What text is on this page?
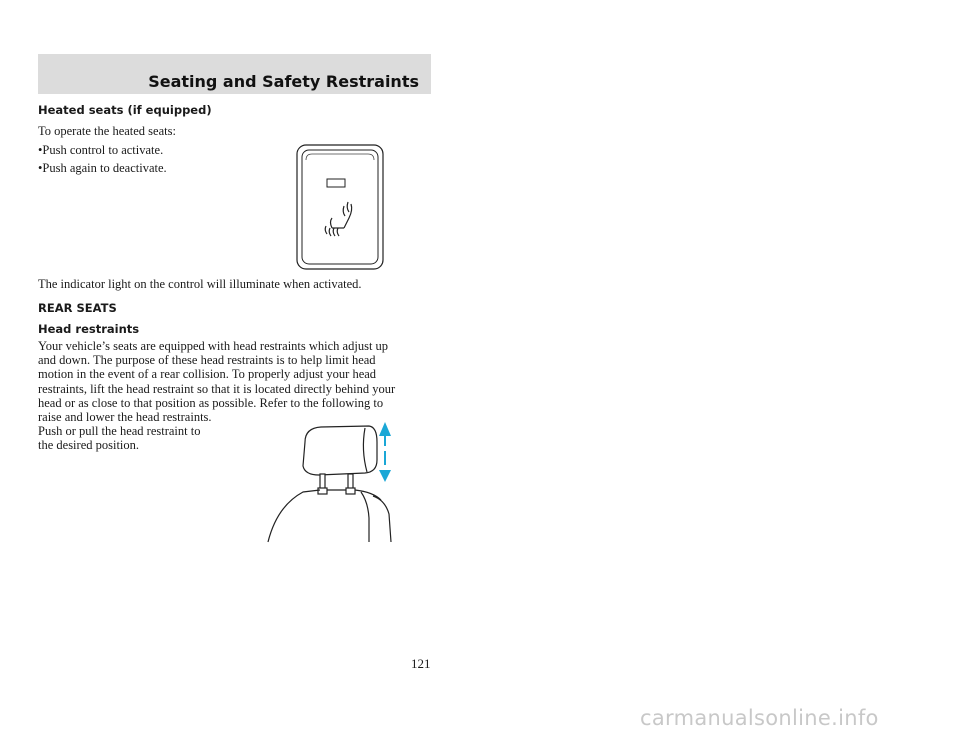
Seating and Safety Restraints
Heated seats (if equipped)
To operate the heated seats:
•Push control to activate.
•Push again to deactivate.
The indicator light on the control will illuminate when activated.
REAR SEATS
Head restraints
Your vehicle’s seats are equipped with head restraints which adjust up
and down. The purpose of these head restraints is to help limit head
motion in the event of a rear collision. To properly adjust your head
restraints, lift the head restraint so that it is located directly behind your
head or as close to that position as possible. Refer to the following to
raise and lower the head restraints.
Push or pull the head restraint to
the desired position.
121
carmanualsonline.info
